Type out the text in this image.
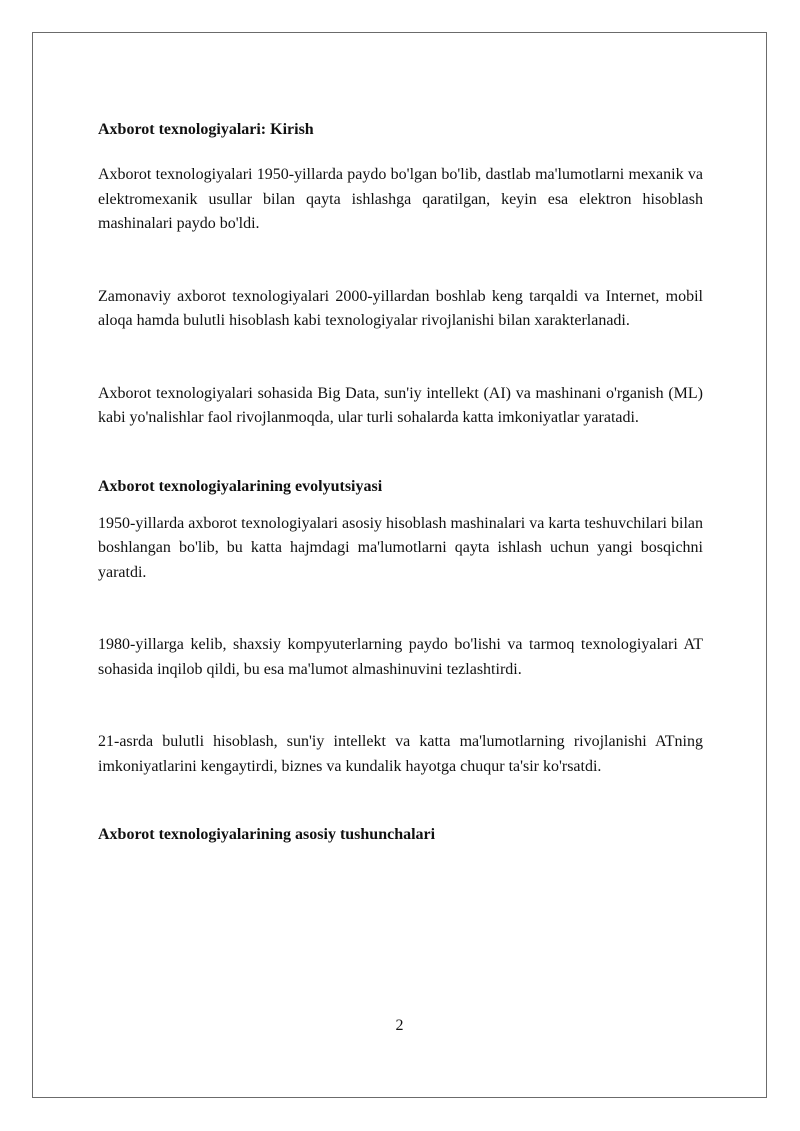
Axborot texnologiyalari: Kirish

Axborot texnologiyalari 1950-yillarda paydo bo'lgan bo'lib, dastlab ma'lumotlarni mexanik va elektromexanik usullar bilan qayta ishlashga qaratilgan, keyin esa elektron hisoblash mashinalari paydo bo'ldi.

Zamonaviy axborot texnologiyalari 2000-yillardan boshlab keng tarqaldi va Internet, mobil aloqa hamda bulutli hisoblash kabi texnologiyalar rivojlanishi bilan xarakterlanadi.

Axborot texnologiyalari sohasida Big Data, sun'iy intellekt (AI) va mashinani o'rganish (ML) kabi yo'nalishlar faol rivojlanmoqda, ular turli sohalarda katta imkoniyatlar yaratadi.

Axborot texnologiyalarining evolyutsiyasi

1950-yillarda axborot texnologiyalari asosiy hisoblash mashinalari va karta teshuvchilari bilan boshlangan bo'lib, bu katta hajmdagi ma'lumotlarni qayta ishlash uchun yangi bosqichni yaratdi.

1980-yillarga kelib, shaxsiy kompyuterlarning paydo bo'lishi va tarmoq texnologiyalari AT sohasida inqilob qildi, bu esa ma'lumot almashinuvini tezlashtirdi.

21-asrda bulutli hisoblash, sun'iy intellekt va katta ma'lumotlarning rivojlanishi ATning imkoniyatlarini kengaytirdi, biznes va kundalik hayotga chuqur ta'sir ko'rsatdi.

Axborot texnologiyalarining asosiy tushunchalari
2
